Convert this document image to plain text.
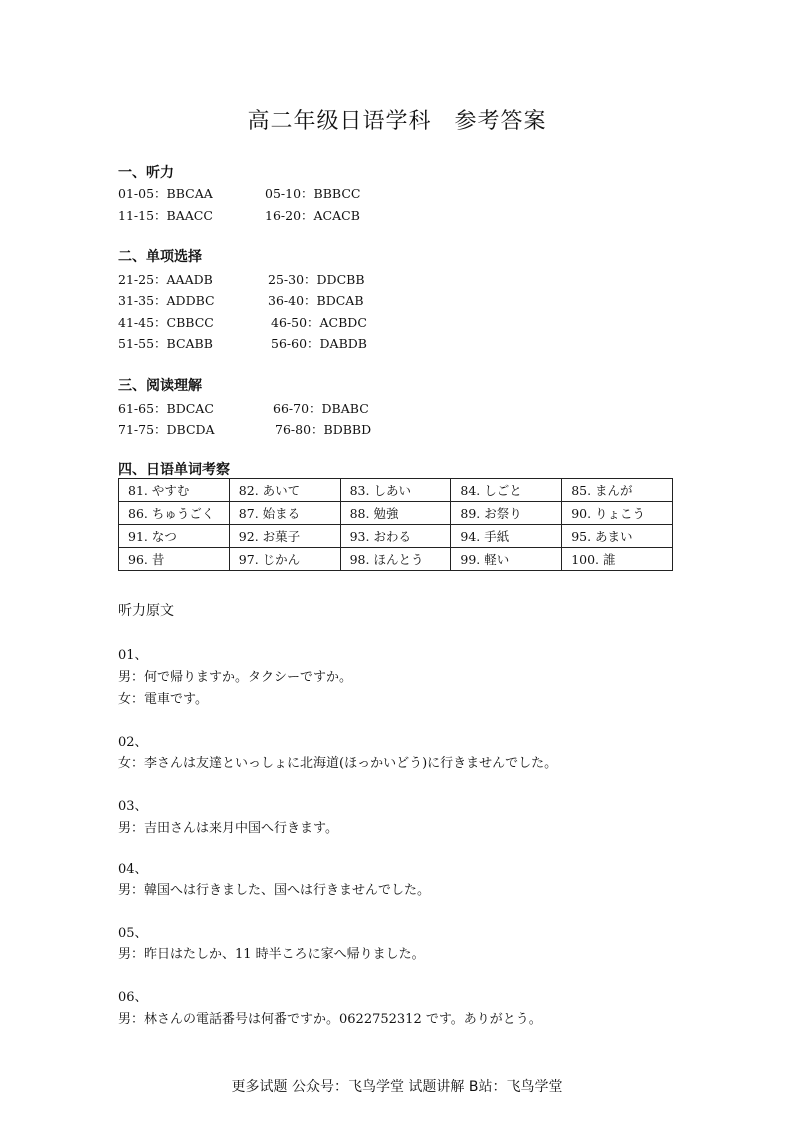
高二年级日语学科　参考答案
一、听力
01-05：BBCAA	05-10：BBBCC
11-15：BAACC	16-20：ACACB
二、单项选择
21-25：AAADB	25-30：DDCBB
31-35：ADDBC	36-40：BDCAB
41-45：CBBCC	46-50：ACBDC
51-55：BCABB	56-60：DABDB
三、阅读理解
61-65：BDCAC	66-70：DBABC
71-75：DBCDA	76-80：BDBBD
四、日语单词考察
81. やすむ	82. あいて	83. しあい	84. しごと	85. まんが
86. ちゅうごく	87. 始まる	88. 勉強	89. お祭り	90. りょこう
91. なつ	92. お菓子	93. おわる	94. 手紙	95. あまい
96. 昔	97. じかん	98. ほんとう	99. 軽い	100. 誰
听力原文
01、
男：何で帰りますか。タクシーですか。
女：電車です。
02、
女：李さんは友達といっしょに北海道(ほっかいどう)に行きませんでした。
03、
男：吉田さんは来月中国へ行きます。
04、
男：韓国へは行きました、国へは行きませんでした。
05、
男：昨日はたしか、11 時半ころに家へ帰りました。
06、
男：林さんの電話番号は何番ですか。0622752312 です。ありがとう。
更多试题 公众号：飞鸟学堂 试题讲解 B站：飞鸟学堂
